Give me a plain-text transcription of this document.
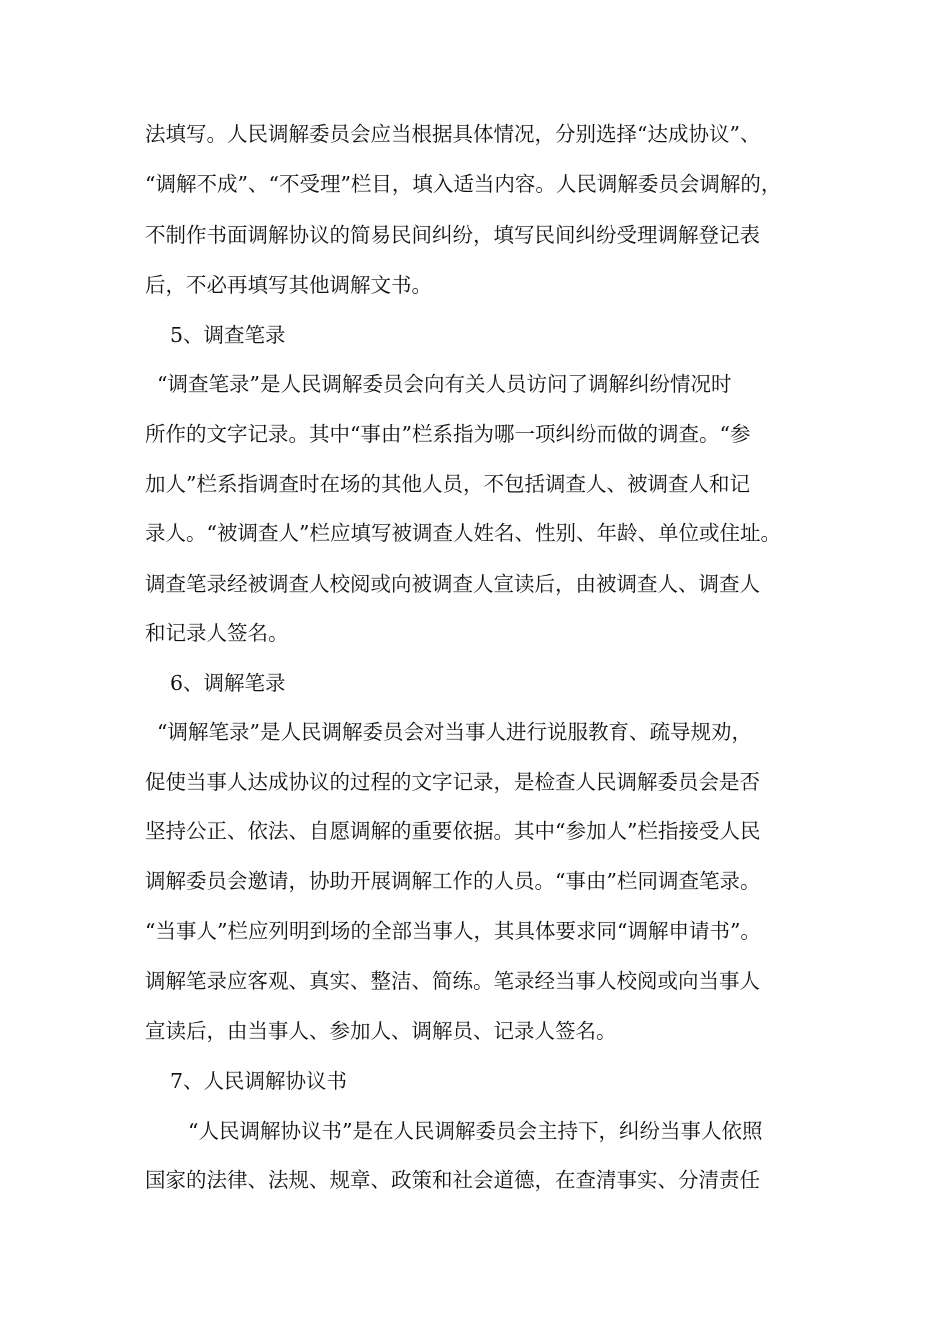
法填写。人民调解委员会应当根据具体情况，分别选择“达成协议”、
“调解不成”、“不受理”栏目，填入适当内容。人民调解委员会调解的，
不制作书面调解协议的简易民间纠纷，填写民间纠纷受理调解登记表
后，不必再填写其他调解文书。
5、调查笔录
“调查笔录”是人民调解委员会向有关人员访问了调解纠纷情况时
所作的文字记录。其中“事由”栏系指为哪一项纠纷而做的调查。“参
加人”栏系指调查时在场的其他人员，不包括调查人、被调查人和记
录人。“被调查人”栏应填写被调查人姓名、性别、年龄、单位或住址。
调查笔录经被调查人校阅或向被调查人宣读后，由被调查人、调查人
和记录人签名。
6、调解笔录
“调解笔录”是人民调解委员会对当事人进行说服教育、疏导规劝，
促使当事人达成协议的过程的文字记录，是检查人民调解委员会是否
坚持公正、依法、自愿调解的重要依据。其中“参加人”栏指接受人民
调解委员会邀请，协助开展调解工作的人员。“事由”栏同调查笔录。
“当事人”栏应列明到场的全部当事人，其具体要求同“调解申请书”。
调解笔录应客观、真实、整洁、简练。笔录经当事人校阅或向当事人
宣读后，由当事人、参加人、调解员、记录人签名。
7、人民调解协议书
“人民调解协议书”是在人民调解委员会主持下，纠纷当事人依照
国家的法律、法规、规章、政策和社会道德，在查清事实、分清责任
